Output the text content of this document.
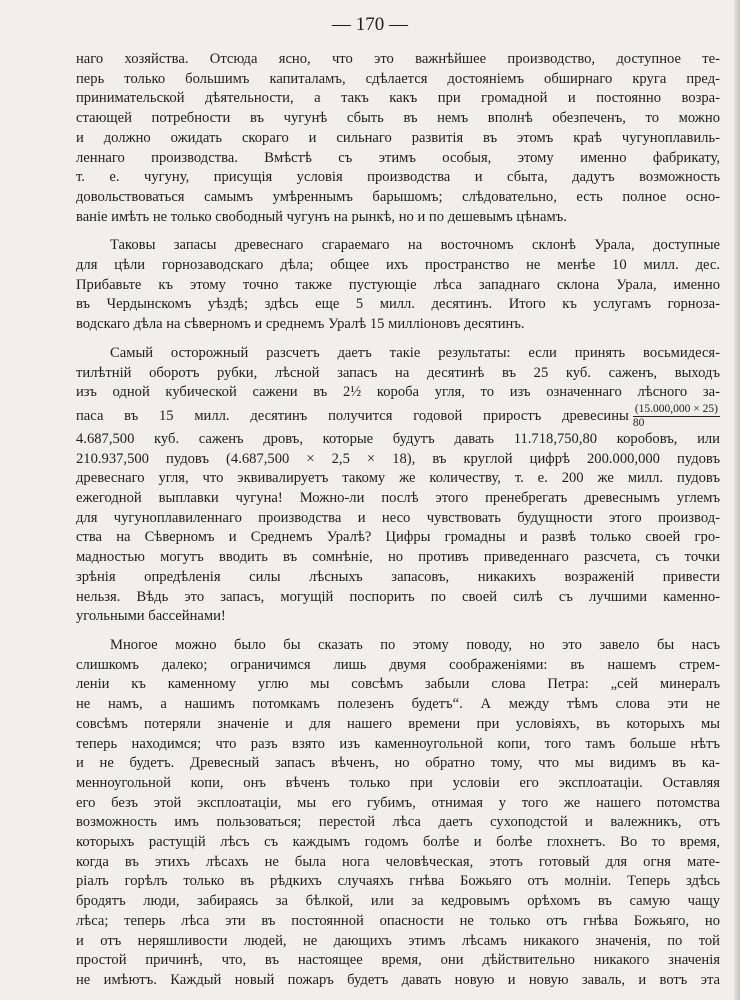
— 170 —
наго хозяйства. Отсюда ясно, что это важнѣйшее производство, доступное те-
перь только большимъ капиталамъ, сдѣлается достояніемъ обширнаго круга пред-
принимательской дѣятельности, а такъ какъ при громадной и постоянно возра-
стающей потребности въ чугунѣ сбыть въ немъ вполнѣ обезпеченъ, то можно
и должно ожидать скораго и сильнаго развитія въ этомъ краѣ чугуноплавиль-
леннаго производства. Вмѣстѣ съ этимъ особыя, этому именно фабрикату,
т. е. чугуну, присущія условія производства и сбыта, дадутъ возможность
довольствоваться самымъ умѣреннымъ барышомъ; слѣдовательно, есть полное осно-
ваніе имѣть не только свободный чугунъ на рынкѣ, но и по дешевымъ цѣнамъ.
Таковы запасы древеснаго сгараемаго на восточномъ склонѣ Урала, доступные
для цѣли горнозаводскаго дѣла; общее ихъ пространство не менѣе 10 милл. дес.
Прибавьте къ этому точно также пустующіе лѣса западнаго склона Урала, именно
въ Чердынскомъ уѣздѣ; здѣсь еще 5 милл. десятинъ. Итого къ услугамъ горноза-
водскаго дѣла на сѣверномъ и среднемъ Уралѣ 15 милліоновъ десятинъ.
Самый осторожный разсчетъ даетъ такіе результаты: если принять восьмидеся-
тилѣтній оборотъ рубки, лѣсной запасъ на десятинѣ въ 25 куб. саженъ, выходъ
изъ одной кубической сажени въ 2½ короба угля, то изъ означеннаго лѣсного за-
паса въ 15 милл. десятинъ получится годовой приростъ древесины $\frac{(15.000,000 \times 25)}{80}$
4.687,500 куб. саженъ дровъ, которые будутъ давать 11.718,750,80 коробовъ, или
210.937,500 пудовъ (4.687,500 × 2,5 × 18), въ круглой цифрѣ 200.000,000 пудовъ
древеснаго угля, что эквивалируетъ такому же количеству, т. е. 200 же милл. пудовъ
ежегодной выплавки чугуна! Можно-ли послѣ этого пренебрегать древеснымъ углемъ
для чугуноплавиленнаго производства и несо чувствовать будущности этого производ-
ства на Сѣверномъ и Среднемъ Уралѣ? Цифры громадны и развѣ только своей гро-
мадностью могутъ вводить въ сомнѣніе, но противъ приведеннаго разсчета, съ точки
зрѣнія опредѣленія силы лѣсныхъ запасовъ, никакихъ возраженій привести
нельзя. Вѣдь это запасъ, могущій поспорить по своей силѣ съ лучшими каменно-
угольными бассейнами!
Многое можно было бы сказать по этому поводу, но это завело бы насъ
слишкомъ далеко; ограничимся лишь двумя соображеніями: въ нашемъ стрем-
леніи къ каменному углю мы совсѣмъ забыли слова Петра: „сей минералъ
не намъ, а нашимъ потомкамъ полезенъ будетъ“. А между тѣмъ слова эти не
совсѣмъ потеряли значеніе и для нашего времени при условіяхъ, въ которыхъ мы
теперь находимся; что разъ взято изъ каменноугольной копи, того тамъ больше нѣтъ
и не будетъ. Древесный запасъ вѣченъ, но обратно тому, что мы видимъ въ ка-
менноугольной копи, онъ вѣченъ только при условіи его эксплоатаціи. Оставляя
его безъ этой эксплоатаціи, мы его губимъ, отнимая у того же нашего потомства
возможность имъ пользоваться; перестой лѣса даетъ сухоподстой и валежникъ, отъ
которыхъ растущій лѣсъ съ каждымъ годомъ болѣе и болѣе глохнетъ. Во то время,
когда въ этихъ лѣсахъ не была нога человѣческая, этотъ готовый для огня мате-
ріалъ горѣлъ только въ рѣдкихъ случаяхъ гнѣва Божьяго отъ молніи. Теперь здѣсь
бродятъ люди, забираясь за бѣлкой, или за кедровымъ орѣхомъ въ самую чащу
лѣса; теперь лѣса эти въ постоянной опасности не только отъ гнѣва Божьяго, но
и отъ неряшливости людей, не дающихъ этимъ лѣсамъ никакого значенія, по той
простой причинѣ, что, въ настоящее время, они дѣйствительно никакого значенія
не имѣютъ. Каждый новый пожаръ будетъ давать новую и новую заваль, и вотъ эта
